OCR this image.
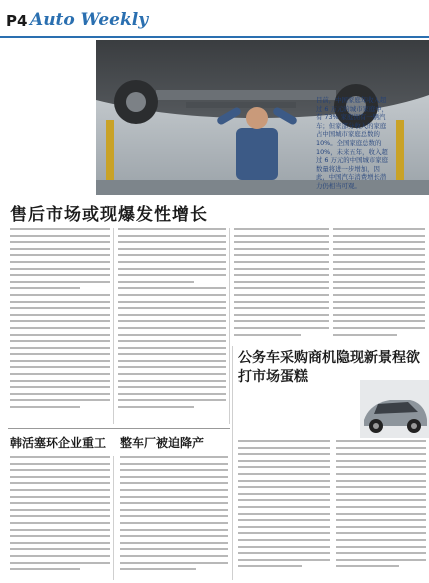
P4 Auto Weekly
目前，中国家庭年收入超过 6 万元的城市家庭中，有 73% 家庭拥有一辆汽车；但家部分收入的家庭占中国城市家庭总数的 10%。全国家庭总数的 10%，未来五年，收入超过 6 万元的中国城市家庭数量将进一步增加，因此，中国汽车消费增长潜力仍相当可观。
售后市场或现爆发性增长
公务车采购商机隐现新景程欲打市场蛋糕
韩活塞环企业重工 整车厂被迫降产
